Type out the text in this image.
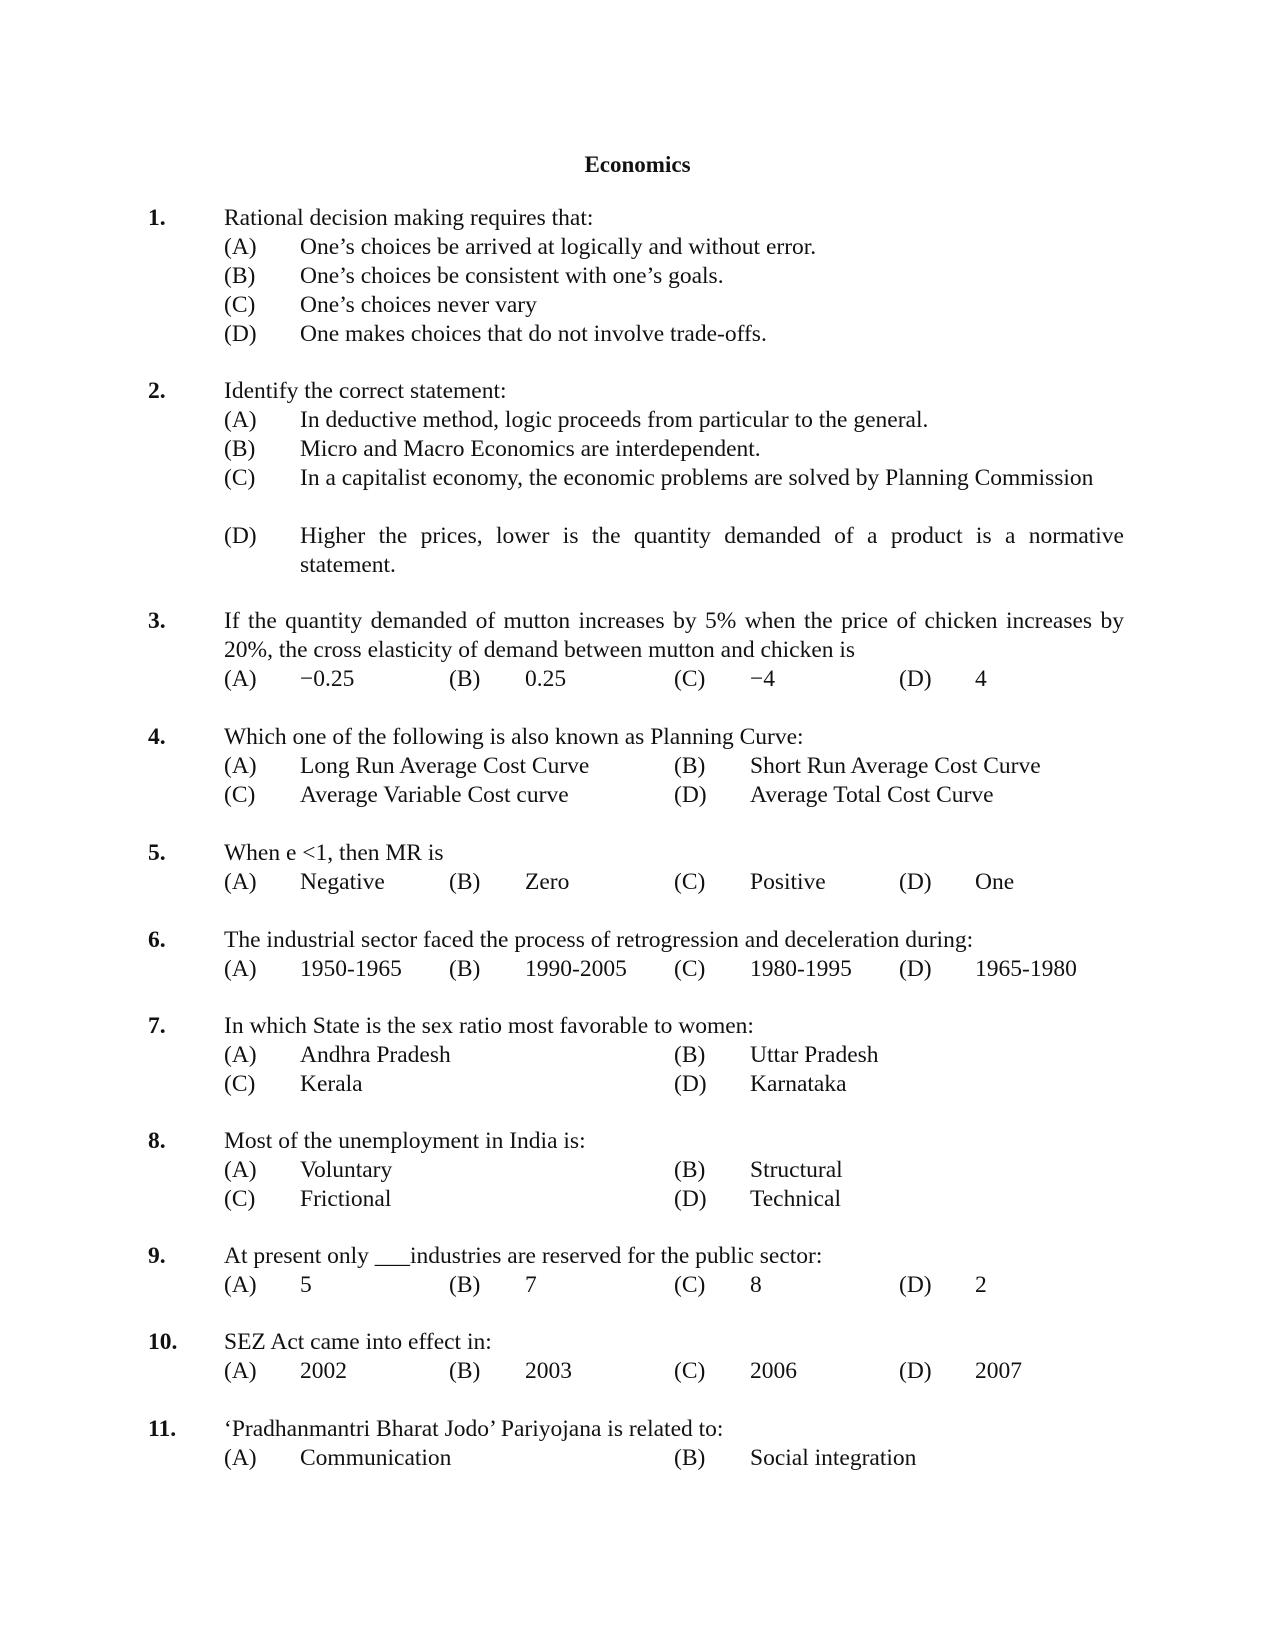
Economics
1. Rational decision making requires that:
(A) One’s choices be arrived at logically and without error.
(B) One’s choices be consistent with one’s goals.
(C) One’s choices never vary
(D) One makes choices that do not involve trade-offs.
2. Identify the correct statement:
(A) In deductive method, logic proceeds from particular to the general.
(B) Micro and Macro Economics are interdependent.
(C) In a capitalist economy, the economic problems are solved by Planning Commission
(D) Higher the prices, lower is the quantity demanded of a product is a normative statement.
3. If the quantity demanded of mutton increases by 5% when the price of chicken increases by 20%, the cross elasticity of demand between mutton and chicken is
(A) −0.25	(B) 0.25	(C) −4	(D) 4
4. Which one of the following is also known as Planning Curve:
(A) Long Run Average Cost Curve	(B) Short Run Average Cost Curve
(C) Average Variable Cost curve	(D) Average Total Cost Curve
5. When e <1, then MR is
(A) Negative	(B) Zero	(C) Positive	(D) One
6. The industrial sector faced the process of retrogression and deceleration during:
(A) 1950-1965 (B) 1990-2005 (C) 1980-1995 (D) 1965-1980
7. In which State is the sex ratio most favorable to women:
(A) Andhra Pradesh	(B) Uttar Pradesh
(C) Kerala	(D) Karnataka
8. Most of the unemployment in India is:
(A) Voluntary	(B) Structural
(C) Frictional	(D) Technical
9. At present only ___industries are reserved for the public sector:
(A) 5	(B) 7	(C) 8	(D) 2
10. SEZ Act came into effect in:
(A) 2002	(B) 2003	(C) 2006	(D) 2007
11. ‘Pradhanmantri Bharat Jodo’ Pariyojana is related to:
(A) Communication	(B) Social integration
